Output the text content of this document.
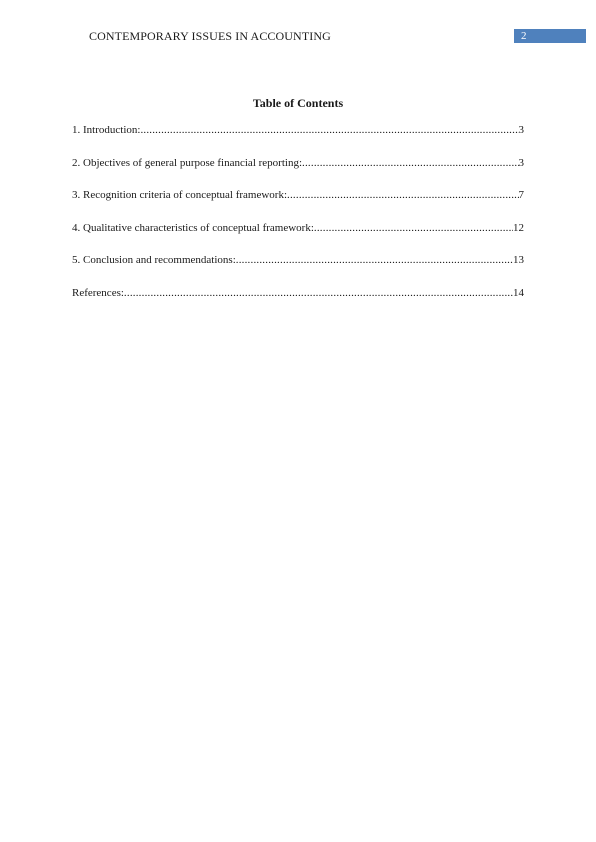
CONTEMPORARY ISSUES IN ACCOUNTING	2
Table of Contents
1. Introduction: .....	3
2. Objectives of general purpose financial reporting: .....	3
3. Recognition criteria of conceptual framework: .....	7
4. Qualitative characteristics of conceptual framework: .....	12
5. Conclusion and recommendations: .....	13
References: .....	14
